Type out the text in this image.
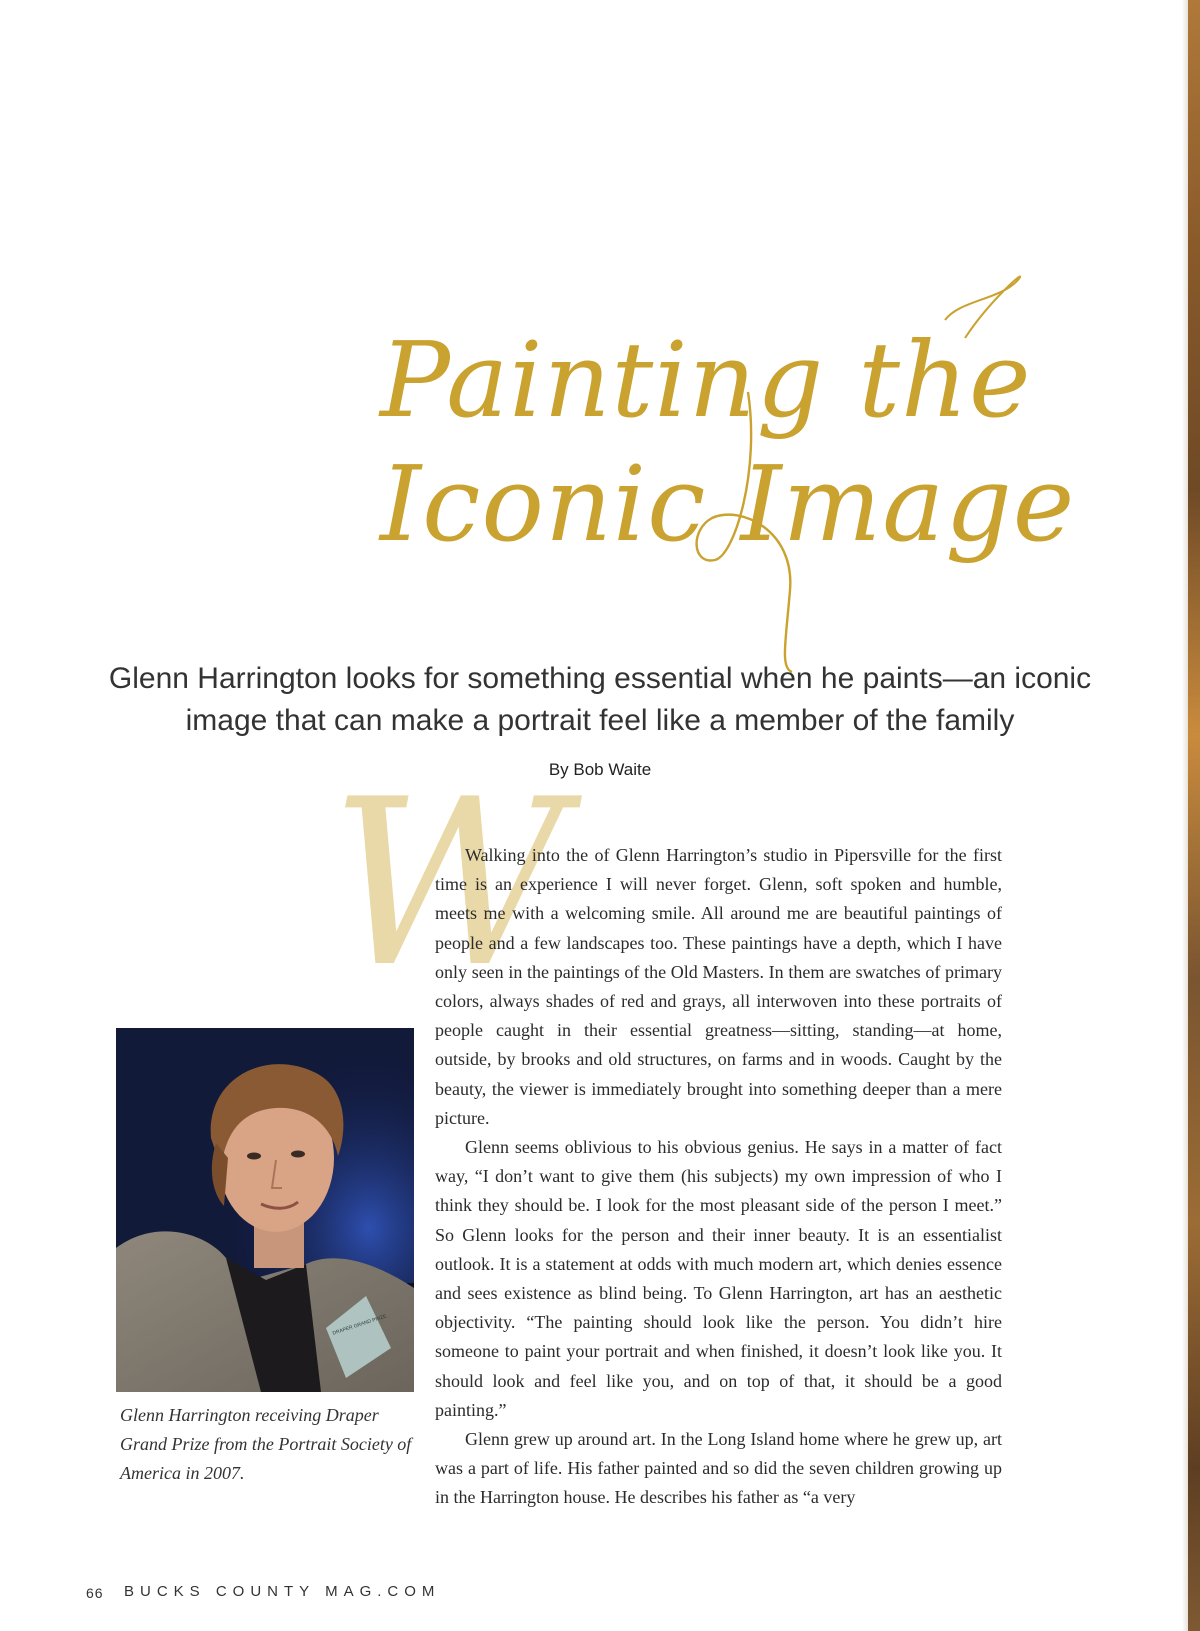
Painting the
Iconic Image
Glenn Harrington looks for something essential when he paints—an iconic
image that can make a portrait feel like a member of the family
By Bob Waite
W

Walking into the of Glenn Harrington’s studio in Pipersville for the first time is an experience I will never forget. Glenn, soft spoken and humble, meets me with a welcoming smile. All around me are beautiful paintings of people and a few landscapes too. These paintings have a depth, which I have only seen in the paintings of the Old Masters. In them are swatches of primary colors, always shades of red and grays, all interwoven into these portraits of people caught in their essential greatness—sitting, standing—at home, outside, by brooks and old structures, on farms and in woods. Caught by the beauty, the viewer is immediately brought into something deeper than a mere picture.

Glenn seems oblivious to his obvious genius. He says in a matter of fact way, “I don’t want to give them (his subjects) my own impression of who I think they should be. I look for the most pleasant side of the person I meet.” So Glenn looks for the person and their inner beauty. It is an essentialist outlook. It is a statement at odds with much modern art, which denies essence and sees existence as blind being. To Glenn Harrington, art has an aesthetic objectivity. “The painting should look like the person. You didn’t hire someone to paint your portrait and when finished, it doesn’t look like you. It should look and feel like you, and on top of that, it should be a good painting.”

Glenn grew up around art. In the Long Island home where he grew up, art was a part of life. His father painted and so did the seven children growing up in the Harrington house. He describes his father as “a very

DRAPER GRAND PRIZE
Glenn Harrington receiving Draper Grand Prize from the Portrait Society of America in 2007.
66 BUCKS COUNTY MAG.COM
